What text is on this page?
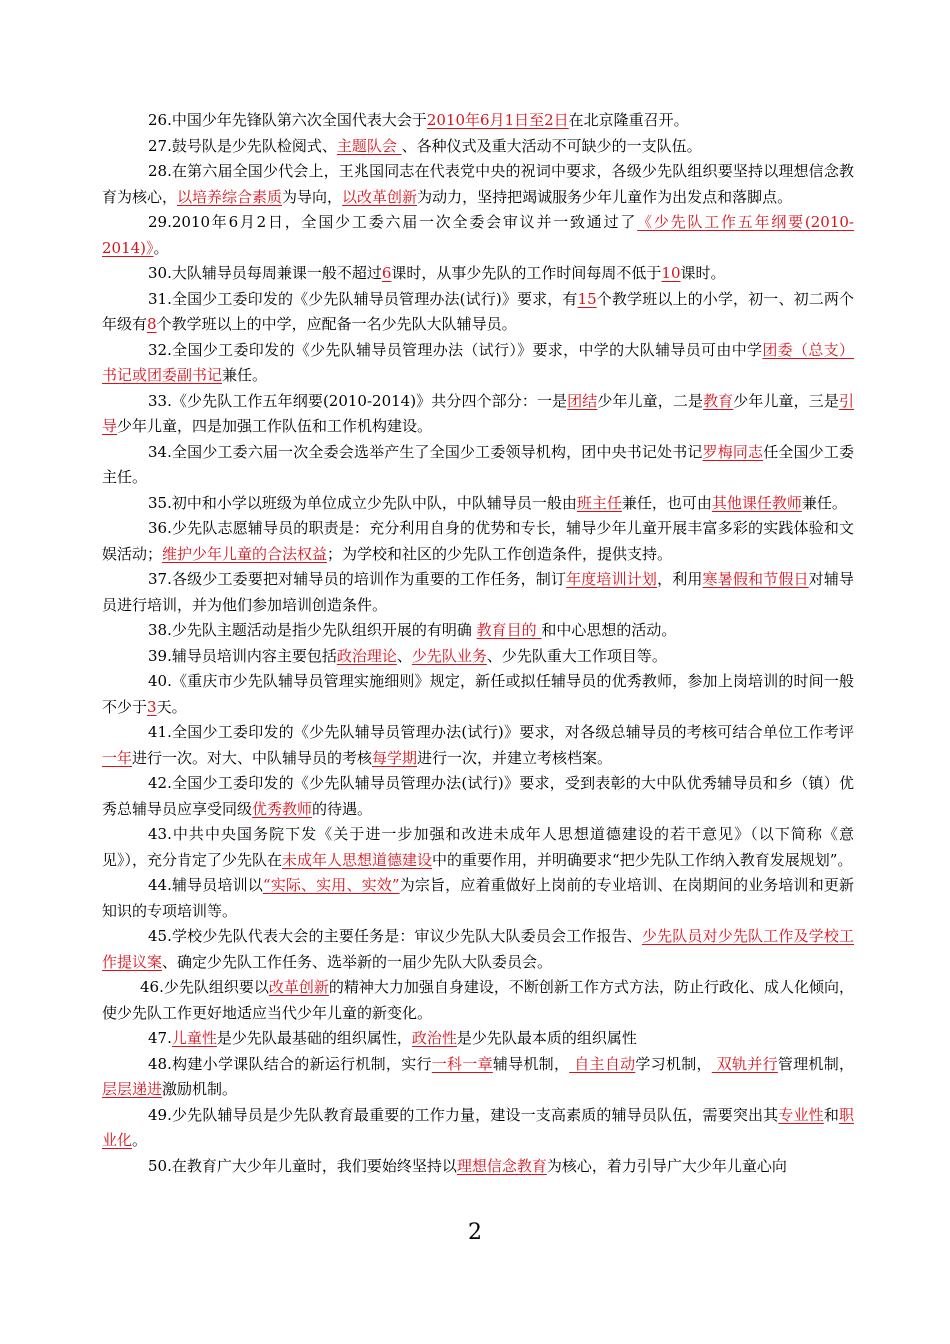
26.中国少年先锋队第六次全国代表大会于2010年6月1日至2日在北京隆重召开。

27.鼓号队是少先队检阅式、主题队会 、各种仪式及重大活动不可缺少的一支队伍。

28.在第六届全国少代会上，王兆国同志在代表党中央的祝词中要求，各级少先队组织要坚持以理想信念教育为核心，以培养综合素质为导向，以改革创新为动力，坚持把竭诚服务少年儿童作为出发点和落脚点。

29.2010年6月2日，全国少工委六届一次全委会审议并一致通过了《少先队工作五年纲要(2010-2014)》。

30.大队辅导员每周兼课一般不超过6课时，从事少先队的工作时间每周不低于10课时。

31.全国少工委印发的《少先队辅导员管理办法(试行)》要求，有15个教学班以上的小学，初一、初二两个年级有8个教学班以上的中学，应配备一名少先队大队辅导员。

32.全国少工委印发的《少先队辅导员管理办法（试行）》要求，中学的大队辅导员可由中学团委（总支）书记或团委副书记兼任。

33.《少先队工作五年纲要(2010-2014)》共分四个部分：一是团结少年儿童，二是教育少年儿童，三是引导少年儿童，四是加强工作队伍和工作机构建设。

34.全国少工委六届一次全委会选举产生了全国少工委领导机构，团中央书记处书记罗梅同志任全国少工委主任。

35.初中和小学以班级为单位成立少先队中队，中队辅导员一般由班主任兼任，也可由其他课任教师兼任。

36.少先队志愿辅导员的职责是：充分利用自身的优势和专长，辅导少年儿童开展丰富多彩的实践体验和文娱活动；维护少年儿童的合法权益；为学校和社区的少先队工作创造条件，提供支持。

37.各级少工委要把对辅导员的培训作为重要的工作任务，制订年度培训计划，利用寒暑假和节假日对辅导员进行培训，并为他们参加培训创造条件。

38.少先队主题活动是指少先队组织开展的有明确 教育目的 和中心思想的活动。

39.辅导员培训内容主要包括政治理论、少先队业务、少先队重大工作项目等。

40.《重庆市少先队辅导员管理实施细则》规定，新任或拟任辅导员的优秀教师，参加上岗培训的时间一般不少于3天。

41.全国少工委印发的《少先队辅导员管理办法(试行)》要求，对各级总辅导员的考核可结合单位工作考评一年进行一次。对大、中队辅导员的考核每学期进行一次，并建立考核档案。

42.全国少工委印发的《少先队辅导员管理办法(试行)》要求，受到表彰的大中队优秀辅导员和乡（镇）优秀总辅导员应享受同级优秀教师的待遇。

43.中共中央国务院下发《关于进一步加强和改进未成年人思想道德建设的若干意见》（以下简称《意见》），充分肯定了少先队在未成年人思想道德建设中的重要作用，并明确要求“把少先队工作纳入教育发展规划”。

44.辅导员培训以“实际、实用、实效”为宗旨，应着重做好上岗前的专业培训、在岗期间的业务培训和更新知识的专项培训等。

45.学校少先队代表大会的主要任务是：审议少先队大队委员会工作报告、少先队员对少先队工作及学校工作提议案、确定少先队工作任务、选举新的一届少先队大队委员会。

46.少先队组织要以改革创新的精神大力加强自身建设，不断创新工作方式方法，防止行政化、成人化倾向，使少先队工作更好地适应当代少年儿童的新变化。

47.儿童性是少先队最基础的组织属性，政治性是少先队最本质的组织属性

48.构建小学课队结合的新运行机制，实行一科一章辅导机制， 自主自动学习机制， 双轨并行管理机制， 层层递进激励机制。

49.少先队辅导员是少先队教育最重要的工作力量，建设一支高素质的辅导员队伍，需要突出其专业性和职业化。

50.在教育广大少年儿童时，我们要始终坚持以理想信念教育为核心，着力引导广大少年儿童心向

2
